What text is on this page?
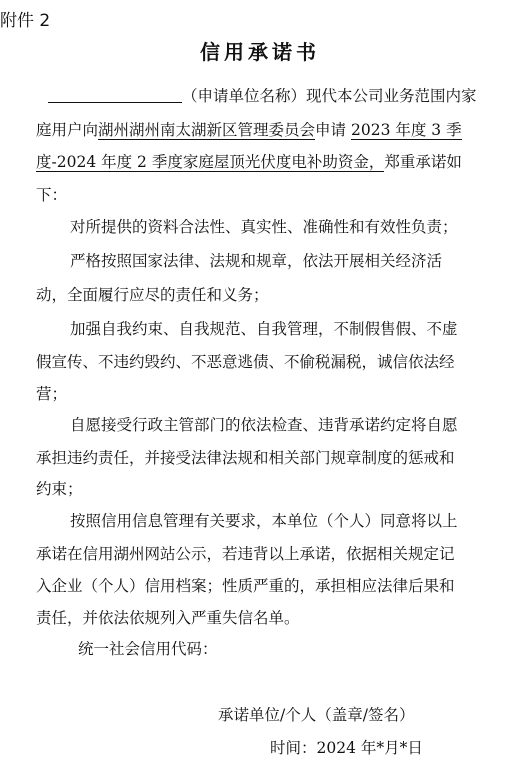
附件 2
信用承诺书
（申请单位名称）现代本公司业务范围内家
庭用户向湖州湖州南太湖新区管理委员会申请 2023 年度 3 季
度-2024 年度 2 季度家庭屋顶光伏度电补助资金，郑重承诺如
下：
对所提供的资料合法性、真实性、准确性和有效性负责；
严格按照国家法律、法规和规章，依法开展相关经济活
动，全面履行应尽的责任和义务；
加强自我约束、自我规范、自我管理，不制假售假、不虚
假宣传、不违约毁约、不恶意逃债、不偷税漏税，诚信依法经
营；
自愿接受行政主管部门的依法检查、违背承诺约定将自愿
承担违约责任，并接受法律法规和相关部门规章制度的惩戒和
约束；
按照信用信息管理有关要求，本单位（个人）同意将以上
承诺在信用湖州网站公示，若违背以上承诺，依据相关规定记
入企业（个人）信用档案；性质严重的，承担相应法律后果和
责任，并依法依规列入严重失信名单。
统一社会信用代码：
承诺单位/个人（盖章/签名）
时间：2024 年*月*日
